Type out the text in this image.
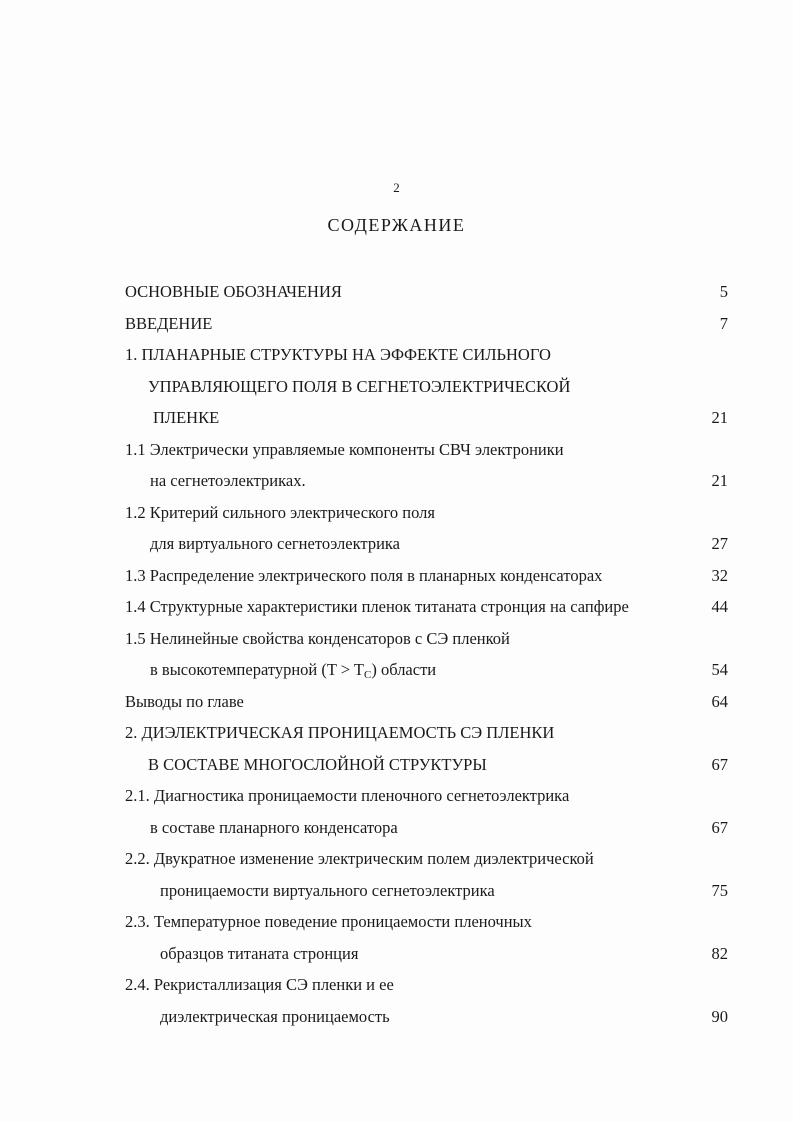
2
СОДЕРЖАНИЕ
ОСНОВНЫЕ ОБОЗНАЧЕНИЯ	5
ВВЕДЕНИЕ	7
1. ПЛАНАРНЫЕ СТРУКТУРЫ НА ЭФФЕКТЕ СИЛЬНОГО
УПРАВЛЯЮЩЕГО ПОЛЯ В СЕГНЕТОЭЛЕКТРИЧЕСКОЙ
ПЛЕНКЕ	21
1.1 Электрически управляемые компоненты СВЧ электроники
на сегнетоэлектриках.	21
1.2 Критерий сильного электрического поля
для виртуального сегнетоэлектрика	27
1.3 Распределение электрического поля в планарных конденсаторах	32
1.4 Структурные характеристики пленок титаната стронция на сапфире	44
1.5 Нелинейные свойства конденсаторов с СЭ пленкой
в высокотемпературной $(T > T_C)$ области	54
Выводы по главе	64
2. ДИЭЛЕКТРИЧЕСКАЯ ПРОНИЦАЕМОСТЬ СЭ ПЛЕНКИ
В СОСТАВЕ МНОГОСЛОЙНОЙ СТРУКТУРЫ	67
2.1. Диагностика проницаемости пленочного сегнетоэлектрика
в составе планарного конденсатора	67
2.2. Двукратное изменение электрическим полем диэлектрической
проницаемости виртуального сегнетоэлектрика	75
2.3. Температурное поведение проницаемости пленочных
образцов титаната стронция	82
2.4. Рекристаллизация СЭ пленки и ее
диэлектрическая проницаемость	90
